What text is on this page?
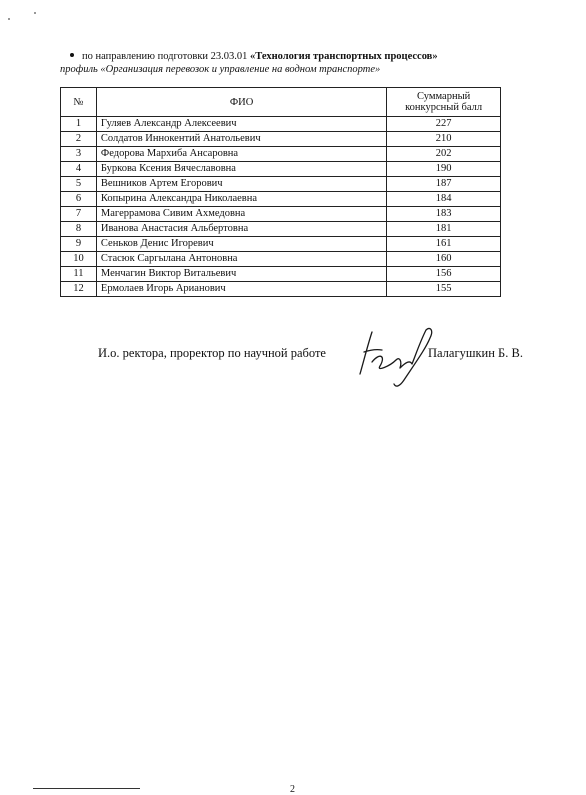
по направлению подготовки 23.03.01 «Технология транспортных процессов»
профиль «Организация перевозок и управление на водном транспорте»
№	ФИО	Суммарный конкурсный балл
1	Гуляев Александр Алексеевич	227
2	Солдатов Иннокентий Анатольевич	210
3	Федорова Мархиба Ансаровна	202
4	Буркова Ксения Вячеславовна	190
5	Вешников Артем Егорович	187
6	Копырина Александра Николаевна	184
7	Магеррамова Сивим Ахмедовна	183
8	Иванова Анастасия Альбертовна	181
9	Сеньков Денис Игоревич	161
10	Стасюк Саргылана Антоновна	160
11	Менчагин Виктор Витальевич	156
12	Ермолаев Игорь Арианович	155
И.о. ректора, проректор по научной работе	Палагушкин Б. В.
2
